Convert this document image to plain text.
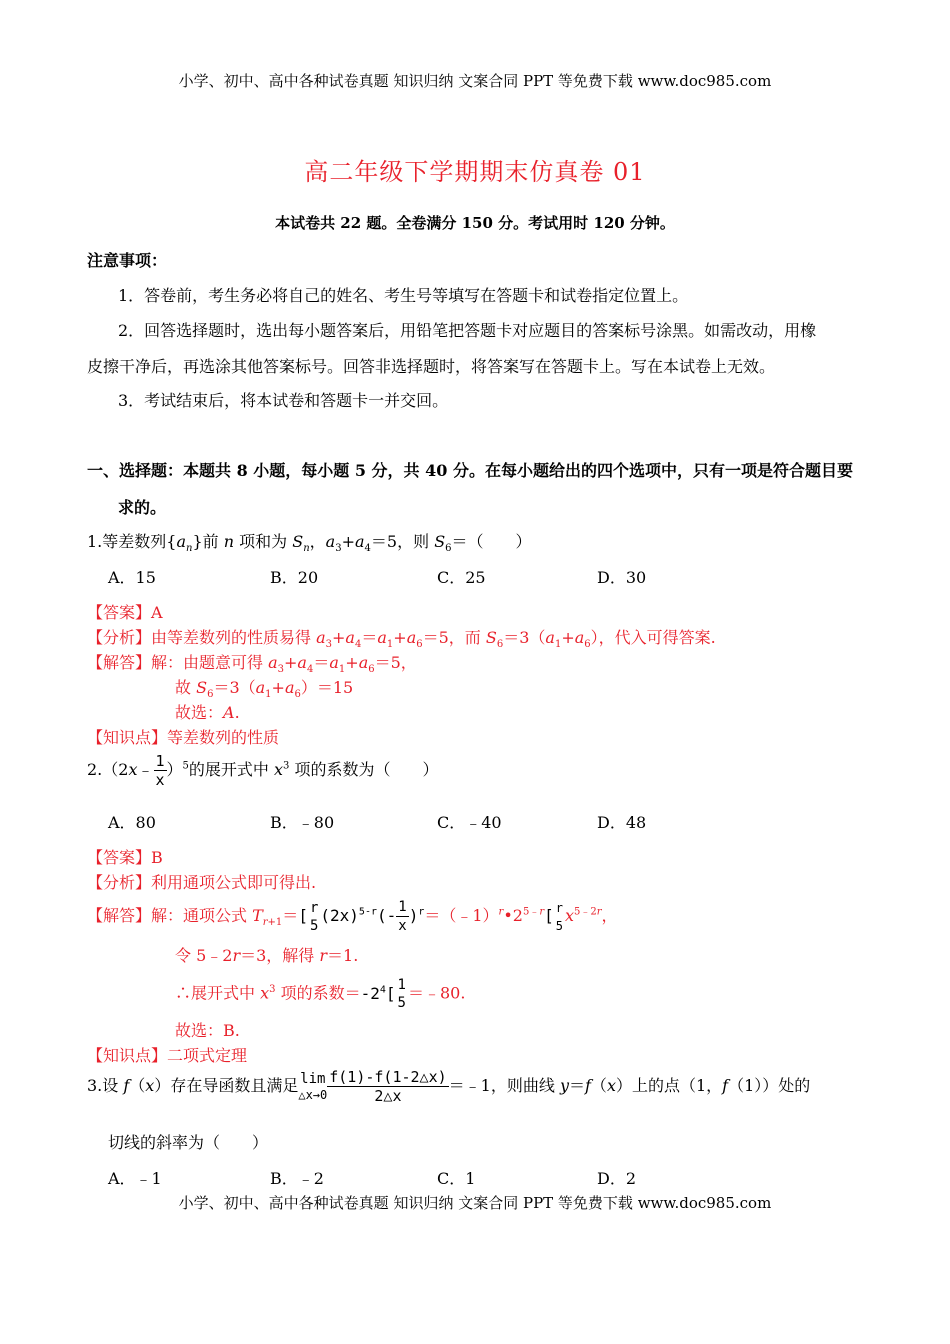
小学、初中、高中各种试卷真题 知识归纳 文案合同 PPT 等免费下载 www.doc985.com
小学、初中、高中各种试卷真题 知识归纳 文案合同 PPT 等免费下载 www.doc985.com
高二年级下学期期末仿真卷 01
本试卷共 22 题。全卷满分 150 分。考试用时 120 分钟。
注意事项：
1．答卷前，考生务必将自己的姓名、考生号等填写在答题卡和试卷指定位置上。
2．回答选择题时，选出每小题答案后，用铅笔把答题卡对应题目的答案标号涂黑。如需改动，用橡
皮擦干净后，再选涂其他答案标号。回答非选择题时，将答案写在答题卡上。写在本试卷上无效。
3．考试结束后，将本试卷和答题卡一并交回。
一、选择题：本题共 8 小题，每小题 5 分，共 40 分。在每小题给出的四个选项中，只有一项是符合题目要
求的。
1.等差数列$\{a_n\}$前 n 项和为 $S_n$，$a_3+a_4=5$，则 $S_6=$（　　）
A．15	B．20	C．25	D．30
【答案】A
【分析】由等差数列的性质易得 $a_3+a_4=a_1+a_6=5$，而 $S_6=3(a_1+a_6)$，代入可得答案.
【解答】解：由题意可得 $a_3+a_4=a_1+a_6=5$，
故 $S_6=3(a_1+a_6)=15$
故选：A.
【知识点】等差数列的性质
2.（2x﹣ $\frac{1}{x} )^5$的展开式中 $x^3$ 项的系数为（　　）
A．80	B．﹣80	C．﹣40	D．48
【答案】B
【分析】利用通项公式即可得出.
【解答】解：通项公式 $T_{r+1}=$[ r
5
$(2x)^{5-r}(- \frac{1}{x}$ )$^r=(﹣1)^r•2^{5﹣r}$[ r
5
$x^{5﹣2r}$，
令 5﹣2r＝3，解得 r＝1.
∴展开式中 $x^3$ 项的系数$=-2^4$[ 1
5
＝﹣80.
故选：B.
【知识点】二项式定理
3.设 f（x）存在导函数且满足 lim
△x→0 $\frac{f(1)-f(1-2\triangle x)}{2\triangle x}$ ＝﹣1，则曲线 y＝f（x）上的点（1，f（1））处的
切线的斜率为（　　）
A．﹣1	B．﹣2	C．1	D．2
